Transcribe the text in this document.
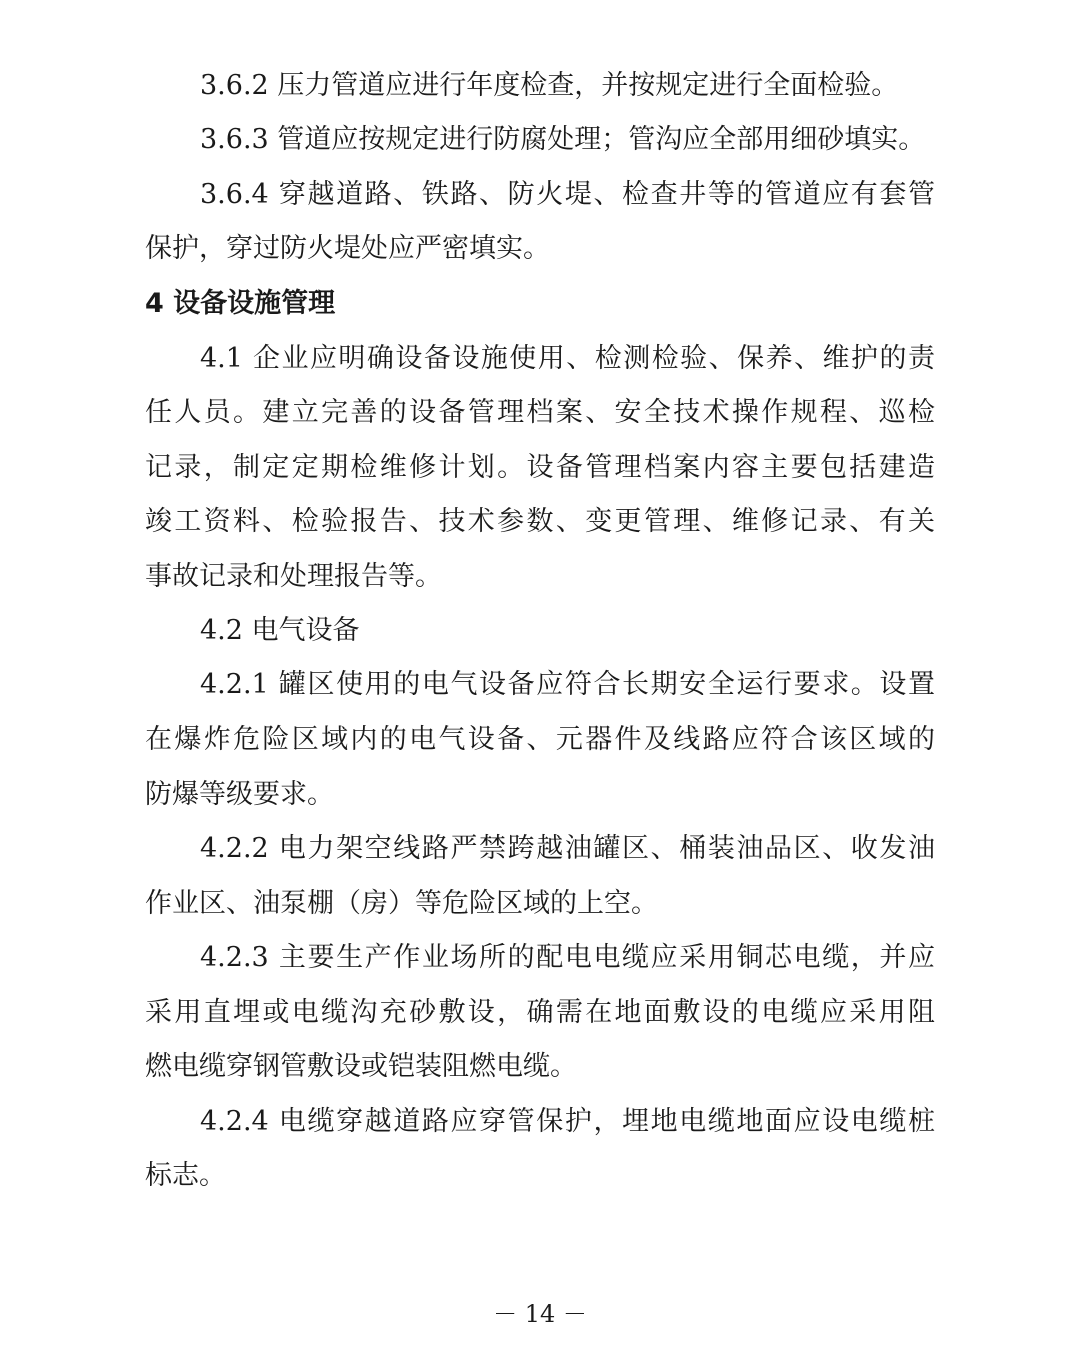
3.6.2 压力管道应进行年度检查，并按规定进行全面检验。
3.6.3 管道应按规定进行防腐处理；管沟应全部用细砂填实。
3.6.4 穿越道路、铁路、防火堤、检查井等的管道应有套管
保护，穿过防火堤处应严密填实。
4 设备设施管理
4.1 企业应明确设备设施使用、检测检验、保养、维护的责
任人员。建立完善的设备管理档案、安全技术操作规程、巡检
记录，制定定期检维修计划。设备管理档案内容主要包括建造
竣工资料、检验报告、技术参数、变更管理、维修记录、有关
事故记录和处理报告等。
4.2 电气设备
4.2.1 罐区使用的电气设备应符合长期安全运行要求。设置
在爆炸危险区域内的电气设备、元器件及线路应符合该区域的
防爆等级要求。
4.2.2 电力架空线路严禁跨越油罐区、桶装油品区、收发油
作业区、油泵棚（房）等危险区域的上空。
4.2.3 主要生产作业场所的配电电缆应采用铜芯电缆，并应
采用直埋或电缆沟充砂敷设，确需在地面敷设的电缆应采用阻
燃电缆穿钢管敷设或铠装阻燃电缆。
4.2.4 电缆穿越道路应穿管保护，埋地电缆地面应设电缆桩
标志。
－ 14 －
